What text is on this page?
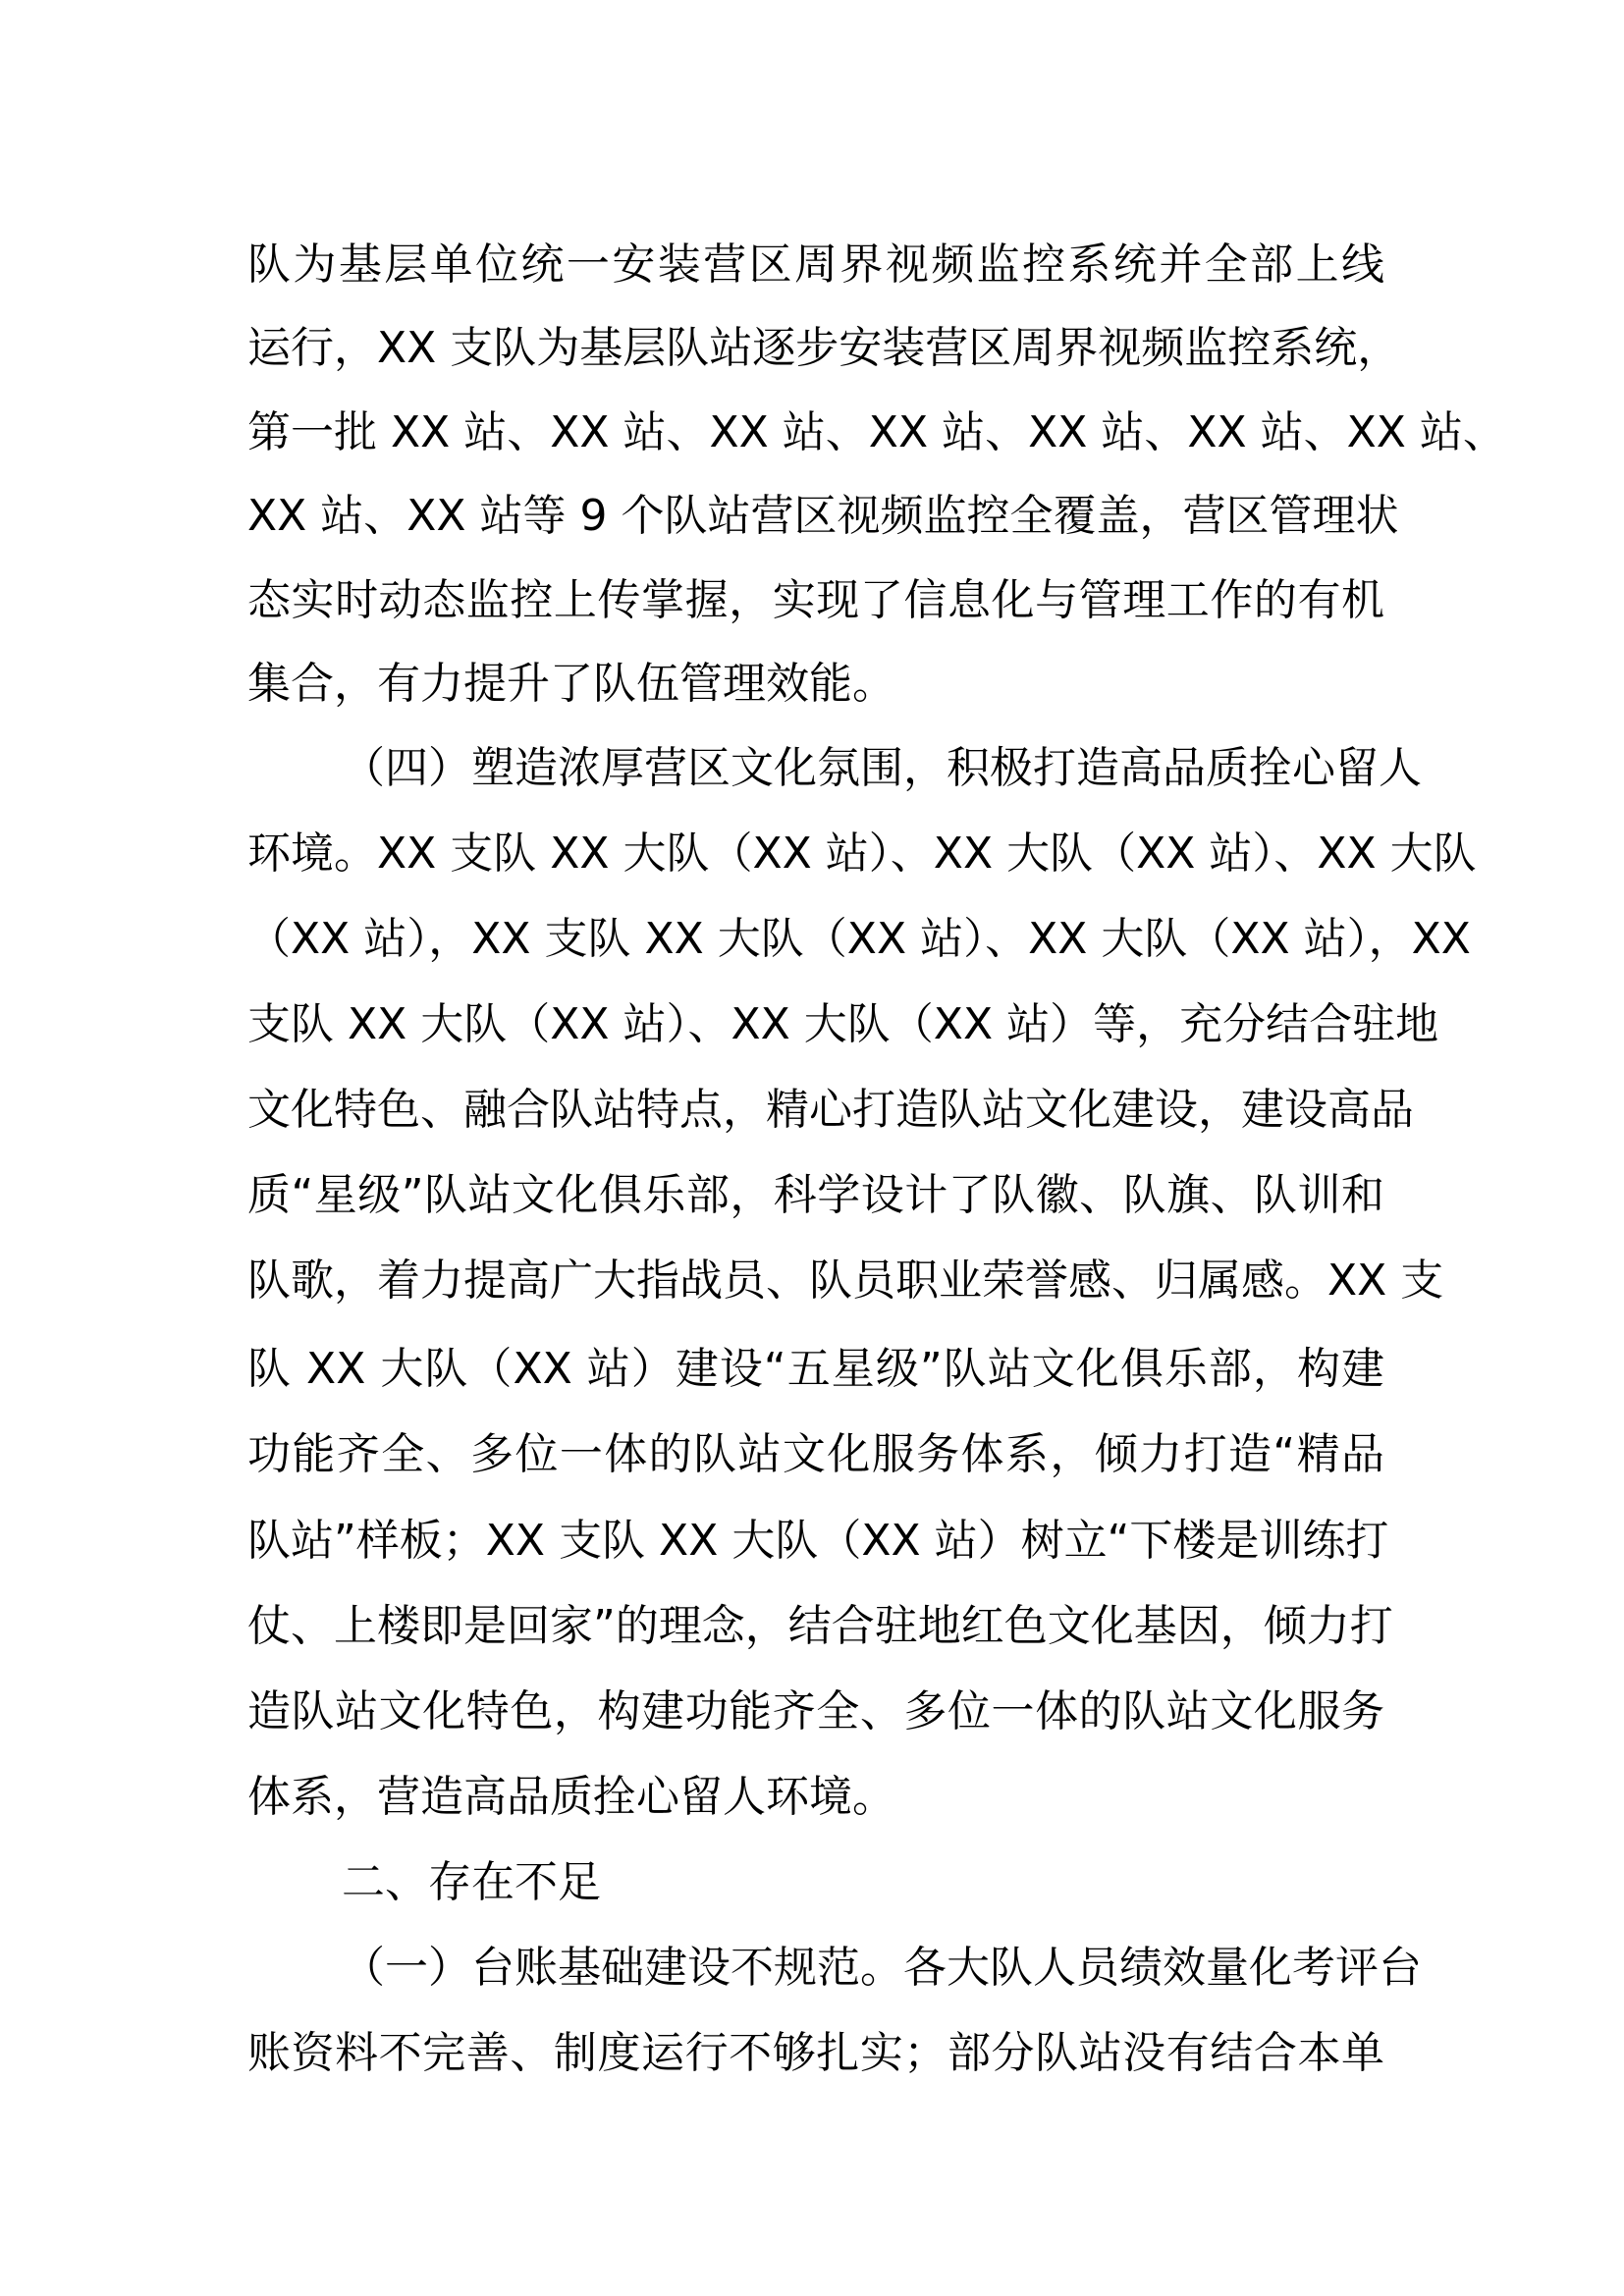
队为基层单位统一安装营区周界视频监控系统并全部上线
运行，XX 支队为基层队站逐步安装营区周界视频监控系统，
第一批 XX 站、XX 站、XX 站、XX 站、XX 站、XX 站、XX 站、
XX 站、XX 站等 9 个队站营区视频监控全覆盖，营区管理状
态实时动态监控上传掌握，实现了信息化与管理工作的有机
集合，有力提升了队伍管理效能。
（四）塑造浓厚营区文化氛围，积极打造高品质拴心留人
环境。XX 支队 XX 大队（XX 站）、XX 大队（XX 站）、XX 大队
（XX 站），XX 支队 XX 大队（XX 站）、XX 大队（XX 站），XX
支队 XX 大队（XX 站）、XX 大队（XX 站）等，充分结合驻地
文化特色、融合队站特点，精心打造队站文化建设，建设高品
质“星级”队站文化俱乐部，科学设计了队徽、队旗、队训和
队歌，着力提高广大指战员、队员职业荣誉感、归属感。XX 支
队 XX 大队（XX 站）建设“五星级”队站文化俱乐部，构建
功能齐全、多位一体的队站文化服务体系，倾力打造“精品
队站”样板；XX 支队 XX 大队（XX 站）树立“下楼是训练打
仗、上楼即是回家”的理念，结合驻地红色文化基因，倾力打
造队站文化特色，构建功能齐全、多位一体的队站文化服务
体系，营造高品质拴心留人环境。
二、存在不足
（一）台账基础建设不规范。各大队人员绩效量化考评台
账资料不完善、制度运行不够扎实；部分队站没有结合本单
